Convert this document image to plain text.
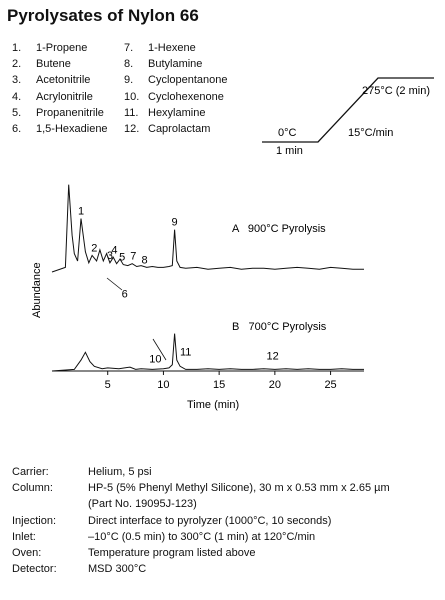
Pyrolysates of Nylon 66
1.	1-Propene
2.	Butene
3.	Acetonitrile
4.	Acrylonitrile
5.	Propanenitrile
6.	1,5-Hexadiene
7.	1-Hexene
8.	Butylamine
9.	Cyclopentanone
10. Cyclohexenone
11. Hexylamine
12. Caprolactam
275°C (2 min)
0°C
1 min
15°C/min
Abundance
1
2
3
4
5
6
7 8
9
A   900°C Pyrolysis
10
11	12
B   700°C Pyrolysis
5	10	15	20	25
Time (min)
Carrier:	Helium, 5 psi
Column:	HP-5 (5% Phenyl Methyl Silicone), 30 m x 0.53 mm x 2.65 µm
(Part No. 19095J-123)
Injection:	Direct interface to pyrolyzer (1000°C, 10 seconds)
Inlet:	–10°C (0.5 min) to 300°C (1 min) at 120°C/min
Oven:	Temperature program listed above
Detector:	MSD 300°C
